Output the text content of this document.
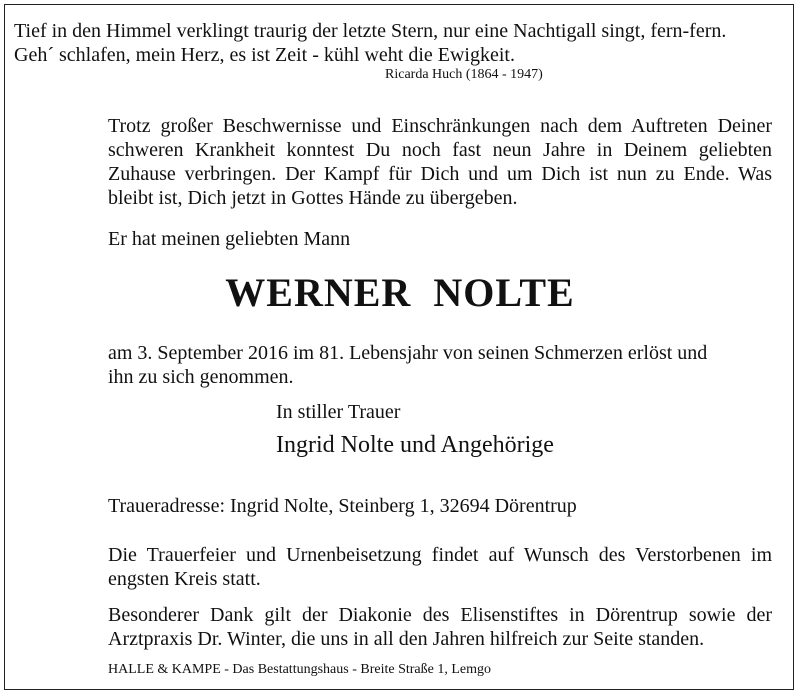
Tief in den Himmel verklingt traurig der letzte Stern, nur eine Nachtigall singt, fern-fern.

Geh´ schlafen, mein Herz, es ist Zeit - kühl weht die Ewigkeit.

Ricarda Huch (1864 - 1947)

Trotz großer Beschwernisse und Einschränkungen nach dem Auftreten Deiner schweren Krankheit konntest Du noch fast neun Jahre in Deinem geliebten Zuhause verbringen. Der Kampf für Dich und um Dich ist nun zu Ende. Was bleibt ist, Dich jetzt in Gottes Hände zu übergeben.

Er hat meinen geliebten Mann

WERNER  NOLTE

am 3. September 2016 im 81. Lebensjahr von seinen Schmerzen erlöst und ihn zu sich genommen.

In stiller Trauer

Ingrid Nolte und Angehörige

Traueradresse: Ingrid Nolte, Steinberg 1, 32694 Dörentrup

Die Trauerfeier und Urnenbeisetzung findet auf Wunsch des Verstorbenen im engsten Kreis statt.

Besonderer Dank gilt der Diakonie des Elisenstiftes in Dörentrup sowie der Arztpraxis Dr. Winter, die uns in all den Jahren hilfreich zur Seite standen.

HALLE & KAMPE - Das Bestattungshaus - Breite Straße 1, Lemgo
